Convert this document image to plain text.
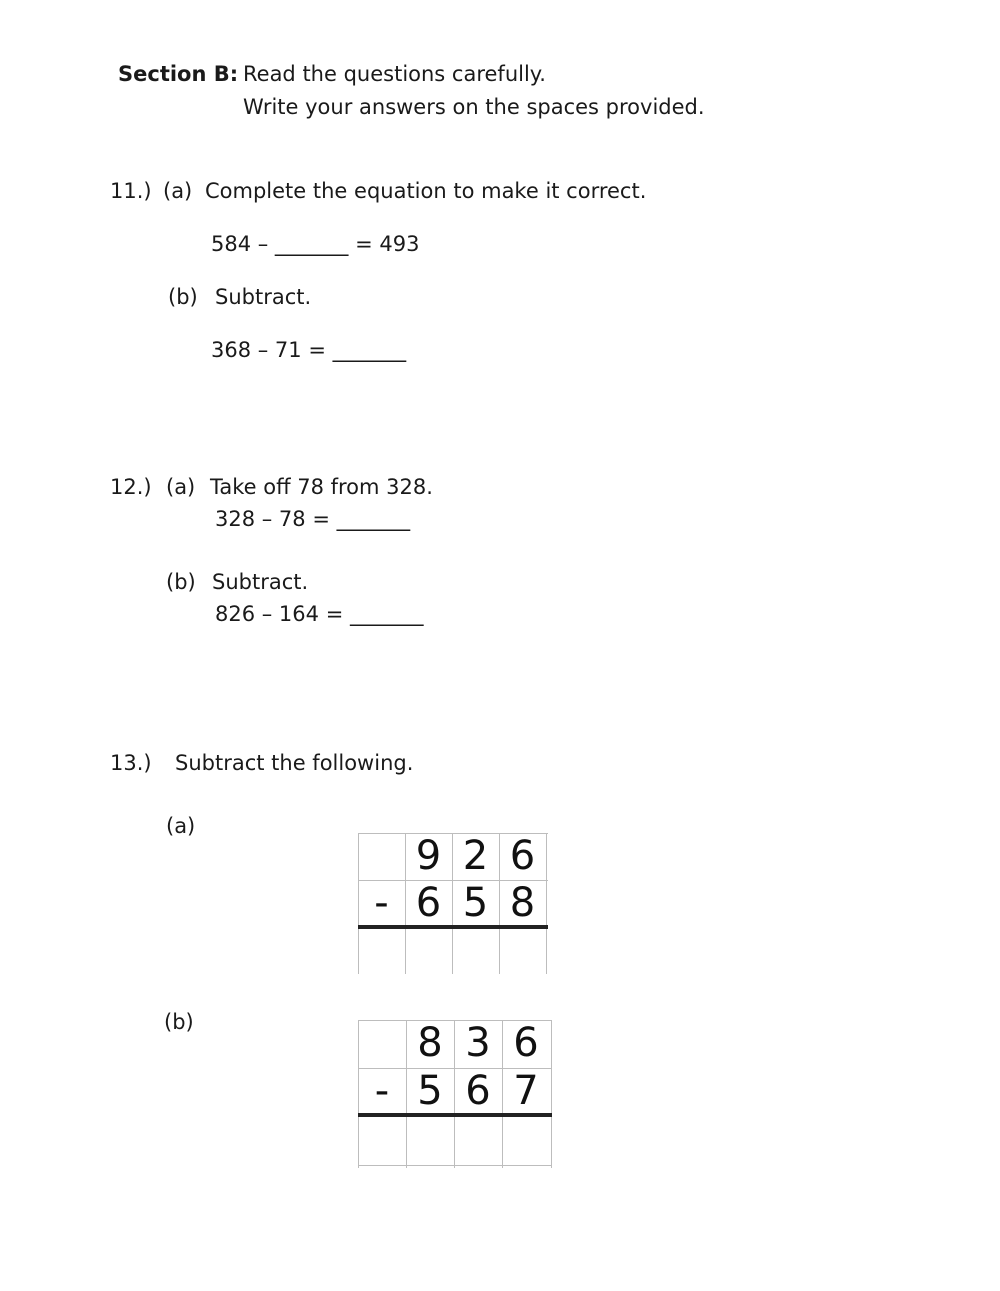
Section B: Read the questions carefully.
Write your answers on the spaces provided.
11.) (a) Complete the equation to make it correct.
584 – _______ = 493
(b) Subtract.
368 – 71 = _______
12.) (a) Take off 78 from 328.
328 – 78 = _______
(b) Subtract.
826 – 164 = _______
13.) Subtract the following.
(a)
(b)
9 2 6
- 6 5 8
8 3 6
- 5 6 7
